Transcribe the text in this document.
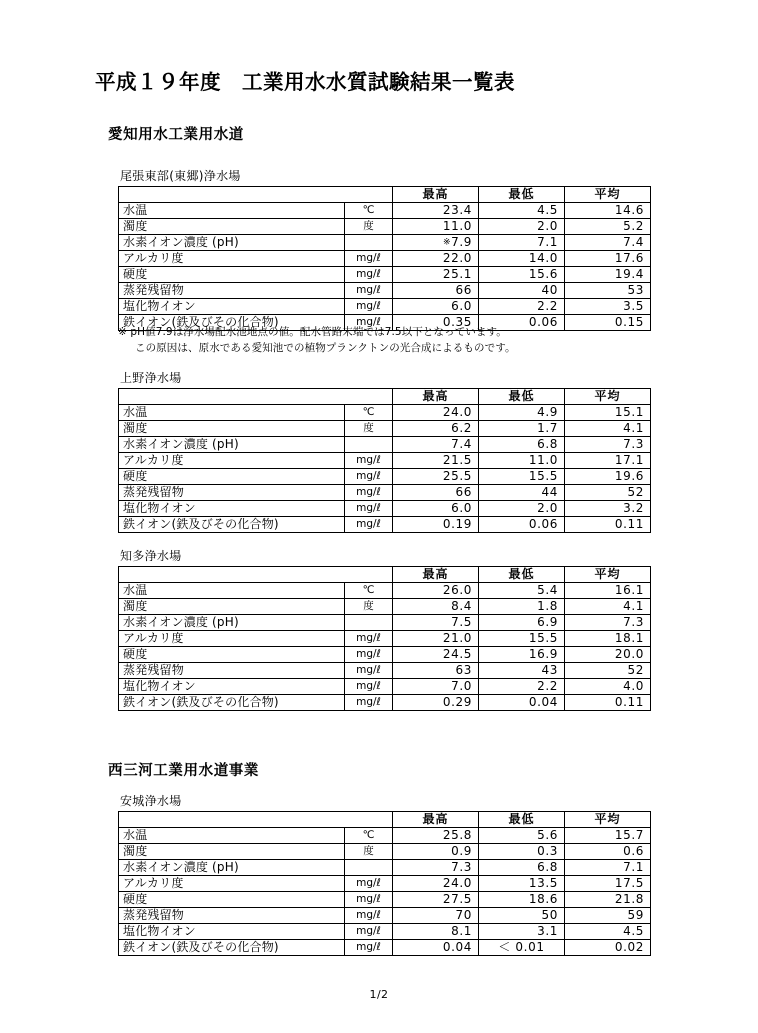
平成１９年度　工業用水水質試験結果一覧表
愛知用水工業用水道
尾張東部(東郷)浄水場
		最高	最低	平均
水温	℃	23.4	4.5	14.6
濁度	度	11.0	2.0	5.2
水素イオン濃度 (pH)		※7.9	7.1	7.4
アルカリ度	mg/ℓ	22.0	14.0	17.6
硬度	mg/ℓ	25.1	15.6	19.4
蒸発残留物	mg/ℓ	66	40	53
塩化物イオン	mg/ℓ	6.0	2.2	3.5
鉄イオン(鉄及びその化合物)	mg/ℓ	0.35	0.06	0.15
※ pH値7.9は浄水場配水池地点の値。配水管路末端では7.5以下となっています。
この原因は、原水である愛知池での植物プランクトンの光合成によるものです。
上野浄水場
		最高	最低	平均
水温	℃	24.0	4.9	15.1
濁度	度	6.2	1.7	4.1
水素イオン濃度 (pH)		7.4	6.8	7.3
アルカリ度	mg/ℓ	21.5	11.0	17.1
硬度	mg/ℓ	25.5	15.5	19.6
蒸発残留物	mg/ℓ	66	44	52
塩化物イオン	mg/ℓ	6.0	2.0	3.2
鉄イオン(鉄及びその化合物)	mg/ℓ	0.19	0.06	0.11
知多浄水場
		最高	最低	平均
水温	℃	26.0	5.4	16.1
濁度	度	8.4	1.8	4.1
水素イオン濃度 (pH)		7.5	6.9	7.3
アルカリ度	mg/ℓ	21.0	15.5	18.1
硬度	mg/ℓ	24.5	16.9	20.0
蒸発残留物	mg/ℓ	63	43	52
塩化物イオン	mg/ℓ	7.0	2.2	4.0
鉄イオン(鉄及びその化合物)	mg/ℓ	0.29	0.04	0.11
西三河工業用水道事業
安城浄水場
		最高	最低	平均
水温	℃	25.8	5.6	15.7
濁度	度	0.9	0.3	0.6
水素イオン濃度 (pH)		7.3	6.8	7.1
アルカリ度	mg/ℓ	24.0	13.5	17.5
硬度	mg/ℓ	27.5	18.6	21.8
蒸発残留物	mg/ℓ	70	50	59
塩化物イオン	mg/ℓ	8.1	3.1	4.5
鉄イオン(鉄及びその化合物)	mg/ℓ	0.04	＜ 0.01	0.02
1/2
